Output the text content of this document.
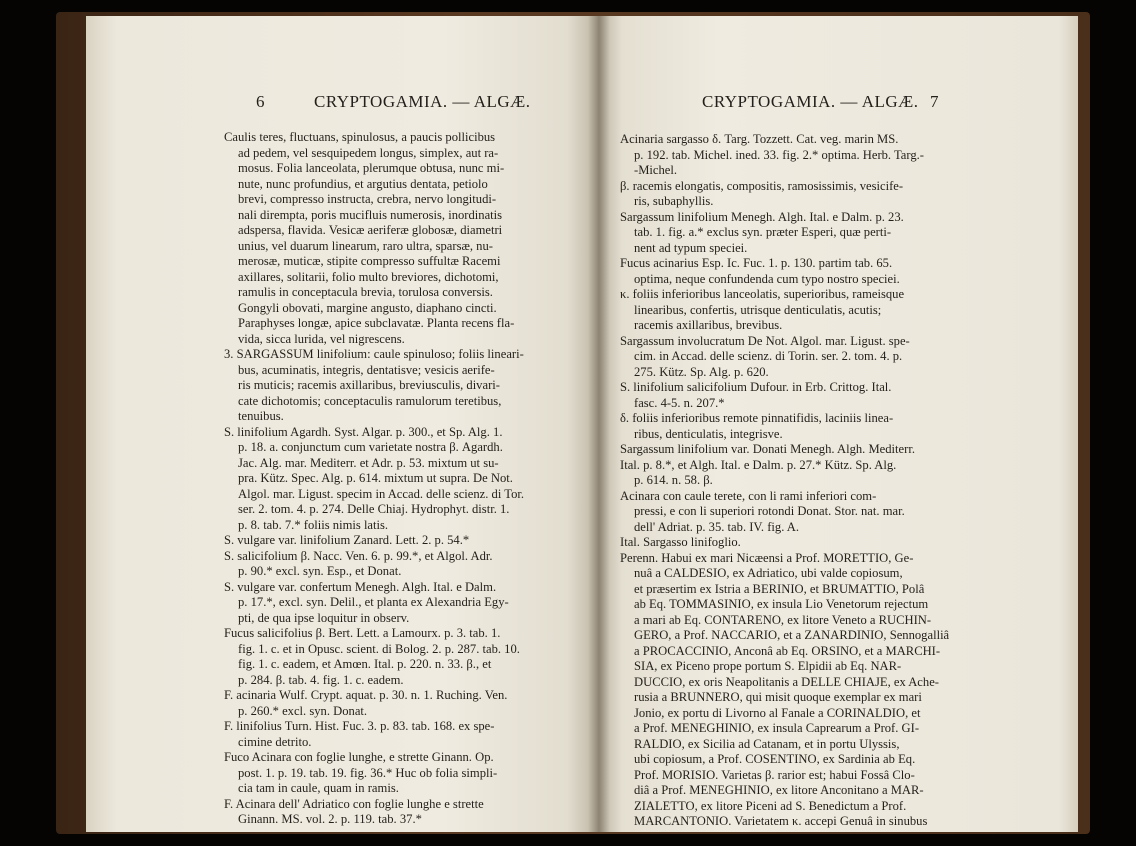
6	CRYPTOGAMIA. — ALGÆ.
Caulis teres, fluctuans, spinulosus, a paucis pollicibus
ad pedem, vel sesquipedem longus, simplex, aut ra-
mosus. Folia lanceolata, plerumque obtusa, nunc mi-
nute, nunc profundius, et argutius dentata, petiolo
brevi, compresso instructa, crebra, nervo longitudi-
nali dirempta, poris mucifluis numerosis, inordinatis
adspersa, flavida. Vesicæ aeriferæ globosæ, diametri
unius, vel duarum linearum, raro ultra, sparsæ, nu-
merosæ, muticæ, stipite compresso suffultæ Racemi
axillares, solitarii, folio multo breviores, dichotomi,
ramulis in conceptacula brevia, torulosa conversis.
Gongyli obovati, margine angusto, diaphano cincti.
Paraphyses longæ, apice subclavatæ. Planta recens fla-
vida, sicca lurida, vel nigrescens.
3. SARGASSUM linifolium: caule spinuloso; foliis lineari-
bus, acuminatis, integris, dentatisve; vesicis aerife-
ris muticis; racemis axillaribus, breviusculis, divari-
cate dichotomis; conceptaculis ramulorum teretibus,
tenuibus.
S. linifolium Agardh. Syst. Algar. p. 300., et Sp. Alg. 1.
p. 18. a. conjunctum cum varietate nostra β. Agardh.
Jac. Alg. mar. Mediterr. et Adr. p. 53. mixtum ut su-
pra. Kütz. Spec. Alg. p. 614. mixtum ut supra. De Not.
Algol. mar. Ligust. specim in Accad. delle scienz. di Tor.
ser. 2. tom. 4. p. 274. Delle Chiaj. Hydrophyt. distr. 1.
p. 8. tab. 7.* foliis nimis latis.
S. vulgare var. linifolium Zanard. Lett. 2. p. 54.*
S. salicifolium β. Nacc. Ven. 6. p. 99.*, et Algol. Adr.
p. 90.* excl. syn. Esp., et Donat.
S. vulgare var. confertum Menegh. Algh. Ital. e Dalm.
p. 17.*, excl. syn. Delil., et planta ex Alexandria Egy-
pti, de qua ipse loquitur in observ.
Fucus salicifolius β. Bert. Lett. a Lamourx. p. 3. tab. 1.
fig. 1. c. et in Opusc. scient. di Bolog. 2. p. 287. tab. 10.
fig. 1. c. eadem, et Amœn. Ital. p. 220. n. 33. β., et
p. 284. β. tab. 4. fig. 1. c. eadem.
F. acinaria Wulf. Crypt. aquat. p. 30. n. 1. Ruching. Ven.
p. 260.* excl. syn. Donat.
F. linifolius Turn. Hist. Fuc. 3. p. 83. tab. 168. ex spe-
cimine detrito.
Fuco Acinara con foglie lunghe, e strette Ginann. Op.
post. 1. p. 19. tab. 19. fig. 36.* Huc ob folia simpli-
cia tam in caule, quam in ramis.
F. Acinara dell' Adriatico con foglie lunghe e strette
Ginann. MS. vol. 2. p. 119. tab. 37.*
CRYPTOGAMIA. — ALGÆ. 7
Acinaria sargasso δ. Targ. Tozzett. Cat. veg. marin MS.
p. 192. tab. Michel. ined. 33. fig. 2.* optima. Herb. Targ.-
-Michel.
β. racemis elongatis, compositis, ramosissimis, vesicife-
ris, subaphyllis.
Sargassum linifolium Menegh. Algh. Ital. e Dalm. p. 23.
tab. 1. fig. a.* exclus syn. præter Esperi, quæ perti-
nent ad typum speciei.
Fucus acinarius Esp. Ic. Fuc. 1. p. 130. partim tab. 65.
optima, neque confundenda cum typo nostro speciei.
κ. foliis inferioribus lanceolatis, superioribus, rameisque
linearibus, confertis, utrisque denticulatis, acutis;
racemis axillaribus, brevibus.
Sargassum involucratum De Not. Algol. mar. Ligust. spe-
cim. in Accad. delle scienz. di Torin. ser. 2. tom. 4. p.
275. Kütz. Sp. Alg. p. 620.
S. linifolium salicifolium Dufour. in Erb. Crittog. Ital.
fasc. 4-5. n. 207.*
δ. foliis inferioribus remote pinnatifidis, laciniis linea-
ribus, denticulatis, integrisve.
Sargassum linifolium var. Donati Menegh. Algh. Mediterr.
Ital. p. 8.*, et Algh. Ital. e Dalm. p. 27.* Kütz. Sp. Alg.
p. 614. n. 58. β.
Acinara con caule terete, con li rami inferiori com-
pressi, e con li superiori rotondi Donat. Stor. nat. mar.
dell' Adriat. p. 35. tab. IV. fig. A.
Ital. Sargasso linifoglio.
Perenn. Habui ex mari Nicæensi a Prof. MORETTIO, Ge-
nuâ a CALDESIO, ex Adriatico, ubi valde copiosum,
et præsertim ex Istria a BERINIO, et BRUMATTIO, Polâ
ab Eq. TOMMASINIO, ex insula Lio Venetorum rejectum
a mari ab Eq. CONTARENO, ex litore Veneto a RUCHIN-
GERO, a Prof. NACCARIO, et a ZANARDINIO, Sennogalliâ
a PROCACCINIO, Anconâ ab Eq. ORSINO, et a MARCHI-
SIA, ex Piceno prope portum S. Elpidii ab Eq. NAR-
DUCCIO, ex oris Neapolitanis a DELLE CHIAJE, ex Ache-
rusia a BRUNNERO, qui misit quoque exemplar ex mari
Jonio, ex portu di Livorno al Fanale a CORINALDIO, et
a Prof. MENEGHINIO, ex insula Caprearum a Prof. GI-
RALDIO, ex Sicilia ad Catanam, et in portu Ulyssis,
ubi copiosum, a Prof. COSENTINO, ex Sardinia ab Eq.
Prof. MORISIO. Varietas β. rarior est; habui Fossâ Clo-
diâ a Prof. MENEGHINIO, ex litore Anconitano a MAR-
ZIALETTO, ex litore Piceni ad S. Benedictum a Prof.
MARCANTONIO. Varietatem κ. accepi Genuâ in sinubus
